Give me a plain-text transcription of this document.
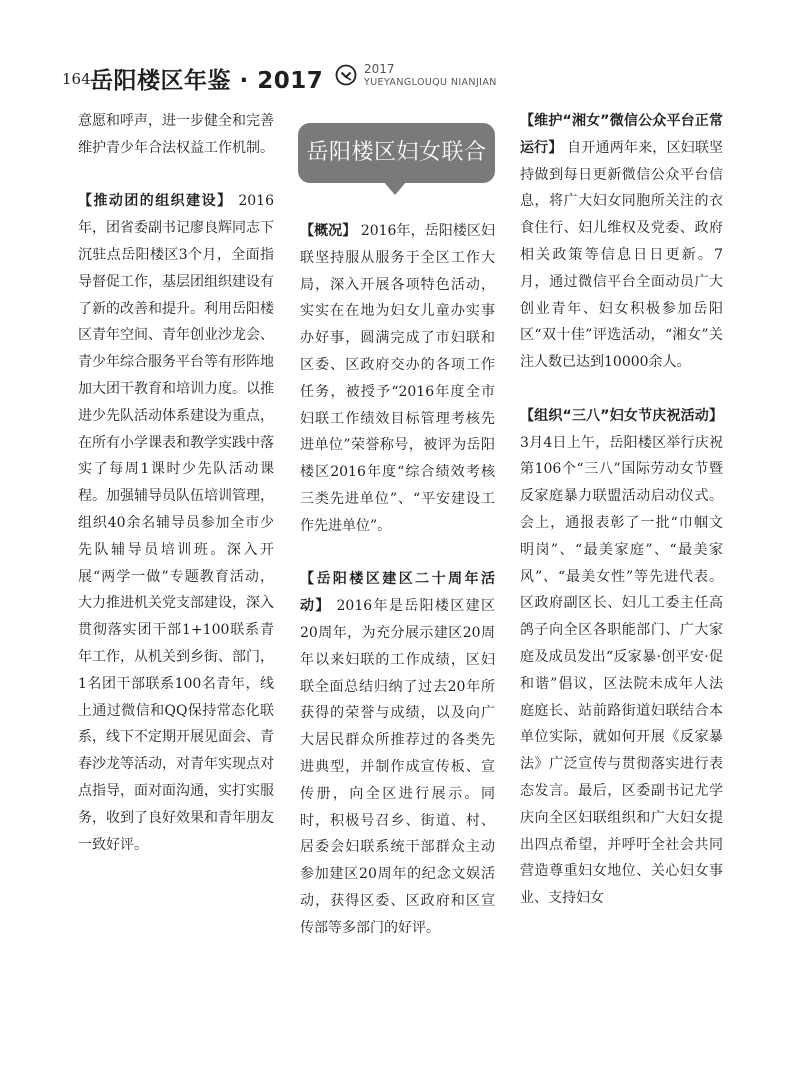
164 岳阳楼区年鉴 · 2017	2017
YUEYANGLOUQU NIANJIAN

意愿和呼声，进一步健全和完善维护青少年合法权益工作机制。

【推动团的组织建设】 2016年，团省委副书记廖良辉同志下沉驻点岳阳楼区3个月，全面指导督促工作，基层团组织建设有了新的改善和提升。利用岳阳楼区青年空间、青年创业沙龙会、青少年综合服务平台等有形阵地加大团干教育和培训力度。以推进少先队活动体系建设为重点，在所有小学课表和教学实践中落实了每周1课时少先队活动课程。加强辅导员队伍培训管理，组织40余名辅导员参加全市少先队辅导员培训班。深入开展“两学一做”专题教育活动，大力推进机关党支部建设，深入贯彻落实团干部1+100联系青年工作，从机关到乡街、部门，1名团干部联系100名青年，线上通过微信和QQ保持常态化联系，线下不定期开展见面会、青春沙龙等活动，对青年实现点对点指导，面对面沟通，实打实服务，收到了良好效果和青年朋友一致好评。

岳阳楼区妇女联合会

【概况】 2016年，岳阳楼区妇联坚持服从服务于全区工作大局，深入开展各项特色活动，实实在在地为妇女儿童办实事办好事，圆满完成了市妇联和区委、区政府交办的各项工作任务，被授予“2016年度全市妇联工作绩效目标管理考核先进单位”荣誉称号，被评为岳阳楼区2016年度“综合绩效考核三类先进单位”、“平安建设工作先进单位”。

【岳阳楼区建区二十周年活动】 2016年是岳阳楼区建区20周年，为充分展示建区20周年以来妇联的工作成绩，区妇联全面总结归纳了过去20年所获得的荣誉与成绩，以及向广大居民群众所推荐过的各类先进典型，并制作成宣传板、宣传册，向全区进行展示。同时，积极号召乡、街道、村、居委会妇联系统干部群众主动参加建区20周年的纪念文娱活动，获得区委、区政府和区宣传部等多部门的好评。

【维护“湘女”微信公众平台正常运行】 自开通两年来，区妇联坚持做到每日更新微信公众平台信息，将广大妇女同胞所关注的衣食住行、妇儿维权及党委、政府相关政策等信息日日更新。7月，通过微信平台全面动员广大创业青年、妇女积极参加岳阳区“双十佳”评选活动，“湘女”关注人数已达到10000余人。

【组织“三八”妇女节庆祝活动】 3月4日上午，岳阳楼区举行庆祝第106个“三八”国际劳动女节暨反家庭暴力联盟活动启动仪式。会上，通报表彰了一批“巾帼文明岗”、“最美家庭”、“最美家风”、“最美女性”等先进代表。区政府副区长、妇儿工委主任高鸽子向全区各职能部门、广大家庭及成员发出“反家暴·创平安·促和谐”倡议，区法院未成年人法庭庭长、站前路街道妇联结合本单位实际，就如何开展《反家暴法》广泛宣传与贯彻落实进行表态发言。最后，区委副书记尤学庆向全区妇联组织和广大妇女提出四点希望，并呼吁全社会共同营造尊重妇女地位、关心妇女事业、支持妇女
